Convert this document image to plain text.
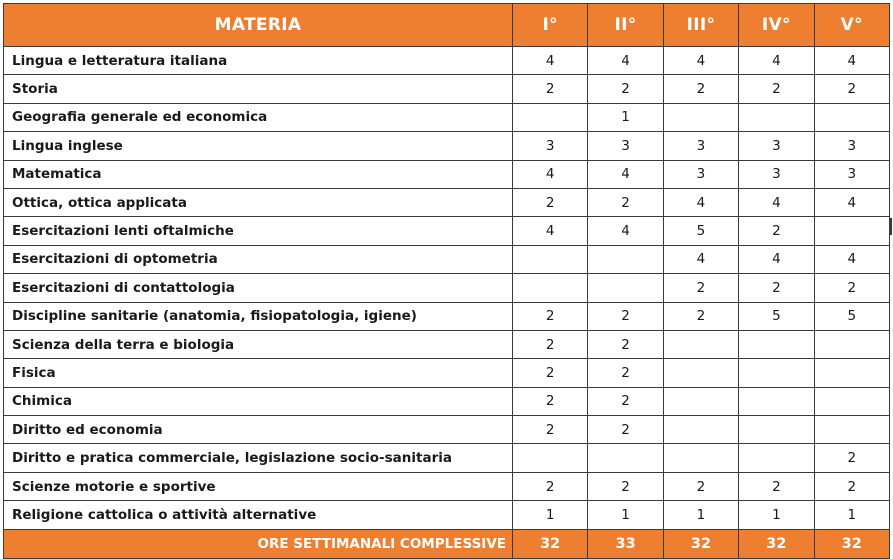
MATERIA	I°	II°	III°	IV°	V°
Lingua e letteratura italiana	4	4	4	4	4
Storia	2	2	2	2	2
Geografia generale ed economica		1			
Lingua inglese	3	3	3	3	3
Matematica	4	4	3	3	3
Ottica, ottica applicata	2	2	4	4	4
Esercitazioni lenti oftalmiche	4	4	5	2	
Esercitazioni di optometria			4	4	4
Esercitazioni di contattologia			2	2	2
Discipline sanitarie (anatomia, fisiopatologia, igiene)	2	2	2	5	5
Scienza della terra e biologia	2	2			
Fisica	2	2			
Chimica	2	2			
Diritto ed economia	2	2			
Diritto e pratica commerciale, legislazione socio-sanitaria					2
Scienze motorie e sportive	2	2	2	2	2
Religione cattolica o attività alternative	1	1	1	1	1
ORE SETTIMANALI COMPLESSIVE	32	33	32	32	32
